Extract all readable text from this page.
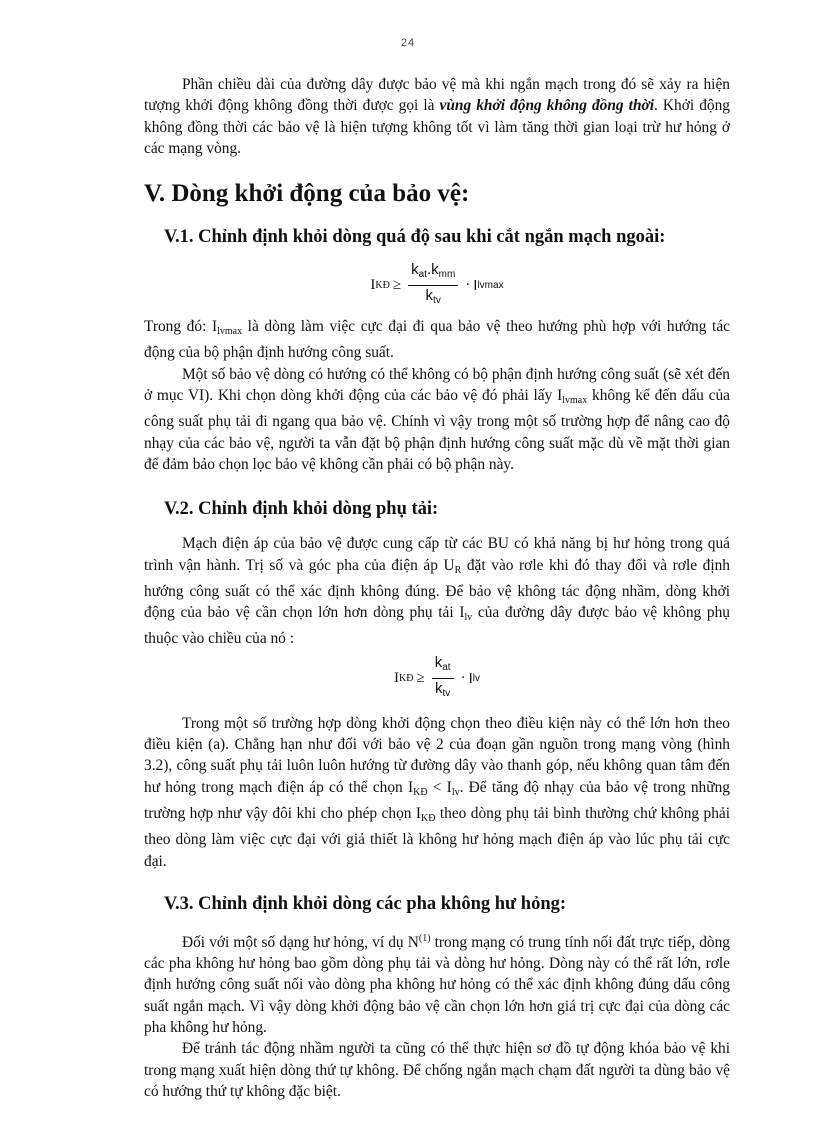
24

Phần chiều dài của đường dây được bảo vệ mà khi ngắn mạch trong đó sẽ xảy ra hiện tượng khởi động không đồng thời được gọi là vùng khởi động không đồng thời. Khởi động không đồng thời các bảo vệ là hiện tượng không tốt vì làm tăng thời gian loại trừ hư hỏng ở các mạng vòng.

V. Dòng khởi động của bảo vệ:
V.1. Chỉnh định khỏi dòng quá độ sau khi cắt ngắn mạch ngoài:
I KĐ ≥ $\frac{k_{at}.k_{mm}}{k_{tv}} \cdot I$ lvmax

Trong đó: $I_{lvmax}$ là dòng làm việc cực đại đi qua bảo vệ theo hướng phù hợp với hướng tác động của bộ phận định hướng công suất.

Một số bảo vệ dòng có hướng có thể không có bộ phận định hướng công suất (sẽ xét đến ở mục VI). Khi chọn dòng khởi động của các bảo vệ đó phải lấy $I_{lvmax}$ không kể đến dấu của công suất phụ tải đi ngang qua bảo vệ. Chính vì vậy trong một số trường hợp để nâng cao độ nhạy của các bảo vệ, người ta vẫn đặt bộ phận định hướng công suất mặc dù về mặt thời gian để đảm bảo chọn lọc bảo vệ không cần phải có bộ phận này.

V.2. Chỉnh định khỏi dòng phụ tải:

Mạch điện áp của bảo vệ được cung cấp từ các BU có khả năng bị hư hỏng trong quá trình vận hành. Trị số và góc pha của điện áp $U_R$ đặt vào rơle khi đó thay đổi và rơle định hướng công suất có thể xác định không đúng. Để bảo vệ không tác động nhầm, dòng khởi động của bảo vệ cần chọn lớn hơn dòng phụ tải $I_{lv}$ của đường dây được bảo vệ không phụ thuộc vào chiều của nó :

I KĐ ≥ $\frac{k_{at}}{k_{tv}} \cdot I$ lv

Trong một số trường hợp dòng khởi động chọn theo điều kiện này có thể lớn hơn theo điều kiện (a). Chẳng hạn như đối với bảo vệ 2 của đoạn gần nguồn trong mạng vòng (hình 3.2), công suất phụ tải luôn luôn hướng từ đường dây vào thanh góp, nếu không quan tâm đến hư hỏng trong mạch điện áp có thể chọn $I_{KĐ} < I_{lv}$. Để tăng độ nhạy của bảo vệ trong những trường hợp như vậy đôi khi cho phép chọn $I_{KĐ}$ theo dòng phụ tải bình thường chứ không phải theo dòng làm việc cực đại với giả thiết là không hư hỏng mạch điện áp vào lúc phụ tải cực đại.

V.3. Chỉnh định khỏi dòng các pha không hư hỏng:

Đối với một số dạng hư hỏng, ví dụ $N^{(1)}$ trong mạng có trung tính nối đất trực tiếp, dòng các pha không hư hỏng bao gồm dòng phụ tải và dòng hư hỏng. Dòng này có thể rất lớn, rơle định hướng công suất nối vào dòng pha không hư hỏng có thể xác định không đúng dấu công suất ngắn mạch. Vì vậy dòng khởi động bảo vệ cần chọn lớn hơn giá trị cực đại của dòng các pha không hư hỏng.

Để tránh tác động nhầm người ta cũng có thể thực hiện sơ đồ tự động khóa bảo vệ khi trong mạng xuất hiện dòng thứ tự không. Để chống ngắn mạch chạm đất người ta dùng bảo vệ có hướng thứ tự không đặc biệt.
